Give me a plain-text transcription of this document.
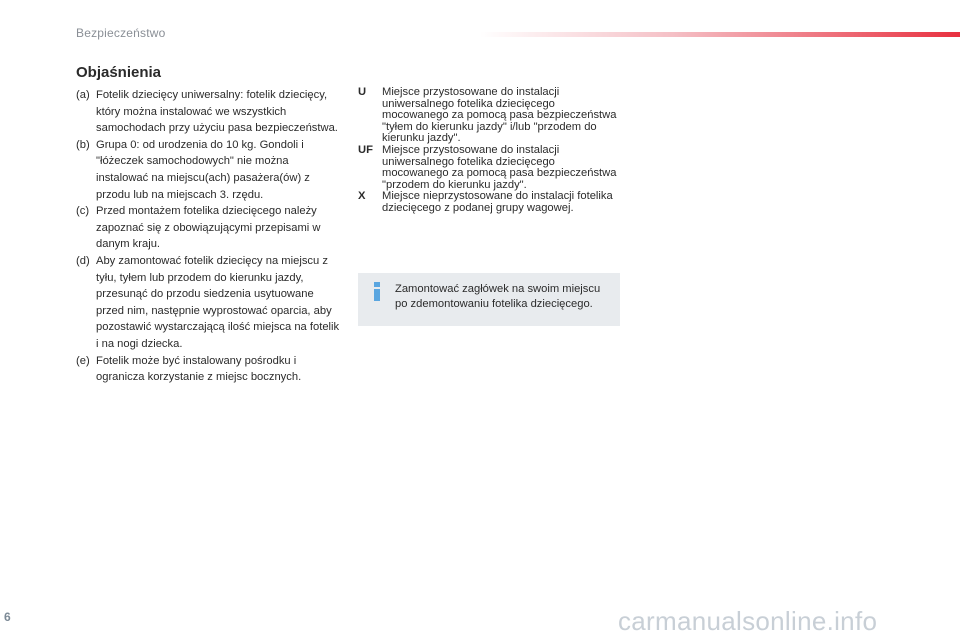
Bezpieczeństwo
Objaśnienia
(a) Fotelik dziecięcy uniwersalny: fotelik dziecięcy, który można instalować we wszystkich samochodach przy użyciu pasa bezpieczeństwa.
(b) Grupa 0: od urodzenia do 10 kg. Gondoli i "łóżeczek samochodowych" nie można instalować na miejscu(ach) pasażera(ów) z przodu lub na miejscach 3. rzędu.
(c) Przed montażem fotelika dziecięcego należy zapoznać się z obowiązującymi przepisami w danym kraju.
(d) Aby zamontować fotelik dziecięcy na miejscu z tyłu, tyłem lub przodem do kierunku jazdy, przesunąć do przodu siedzenia usytuowane przed nim, następnie wyprostować oparcia, aby pozostawić wystarczającą ilość miejsca na fotelik i na nogi dziecka.
(e) Fotelik może być instalowany pośrodku i ogranicza korzystanie z miejsc bocznych.
U Miejsce przystosowane do instalacji uniwersalnego fotelika dziecięcego mocowanego za pomocą pasa bezpieczeństwa "tyłem do kierunku jazdy" i/lub "przodem do kierunku jazdy".
UF Miejsce przystosowane do instalacji uniwersalnego fotelika dziecięcego mocowanego za pomocą pasa bezpieczeństwa "przodem do kierunku jazdy".
X Miejsce nieprzystosowane do instalacji fotelika dziecięcego z podanej grupy wagowej.
Zamontować zagłówek na swoim miejscu po zdemontowaniu fotelika dziecięcego.
6	carmanualsonline.info
